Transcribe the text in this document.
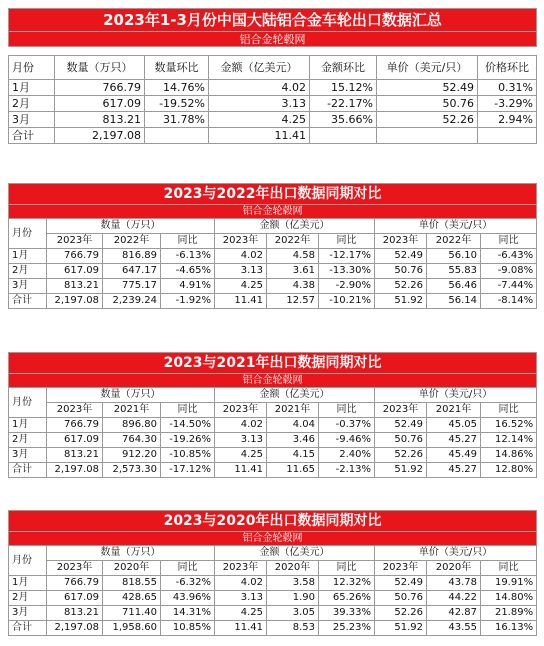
2023年1-3月份中国大陆铝合金车轮出口数据汇总						
铝合金轮毂网						

月份	数量（万只）	数量环比	金额（亿美元）	金额环比	单价（美元/只）	价格环比
1月	766.79	14.76%	4.02	15.12%	52.49	0.31%
2月	617.09	-19.52%	3.13	-22.17%	50.76	-3.29%
3月	813.21	31.78%	4.25	35.66%	52.26	2.94%
合计	2,197.08		11.41			
2023与2022年出口数据同期对比									
铝合金轮毂网									
月份	数量（万只）			金额（亿美元）			单价（美元/只）		
	2023年	2022年	同比	2023年	2022年	同比	2023年	2022年	同比
1月	766.79	816.89	-6.13%	4.02	4.58	-12.17%	52.49	56.10	-6.43%
2月	617.09	647.17	-4.65%	3.13	3.61	-13.30%	50.76	55.83	-9.08%
3月	813.21	775.17	4.91%	4.25	4.38	-2.90%	52.26	56.46	-7.44%
合计	2,197.08	2,239.24	-1.92%	11.41	12.57	-10.21%	51.92	56.14	-8.14%
2023与2021年出口数据同期对比									
铝合金轮毂网									
月份	数量（万只）			金额（亿美元）			单价（美元/只）		
	2023年	2021年	同比	2023年	2021年	同比	2023年	2021年	同比
1月	766.79	896.80	-14.50%	4.02	4.04	-0.37%	52.49	45.05	16.52%
2月	617.09	764.30	-19.26%	3.13	3.46	-9.46%	50.76	45.27	12.14%
3月	813.21	912.20	-10.85%	4.25	4.15	2.40%	52.26	45.49	14.86%
合计	2,197.08	2,573.30	-17.12%	11.41	11.65	-2.13%	51.92	45.27	12.80%
2023与2020年出口数据同期对比									
铝合金轮毂网									
月份	数量（万只）			金额（亿美元）			单价（美元/只）		
	2023年	2020年	同比	2023年	2020年	同比	2023年	2020年	同比
1月	766.79	818.55	-6.32%	4.02	3.58	12.32%	52.49	43.78	19.91%
2月	617.09	428.65	43.96%	3.13	1.90	65.26%	50.76	44.22	14.80%
3月	813.21	711.40	14.31%	4.25	3.05	39.33%	52.26	42.87	21.89%
合计	2,197.08	1,958.60	10.85%	11.41	8.53	25.23%	51.92	43.55	16.13%
